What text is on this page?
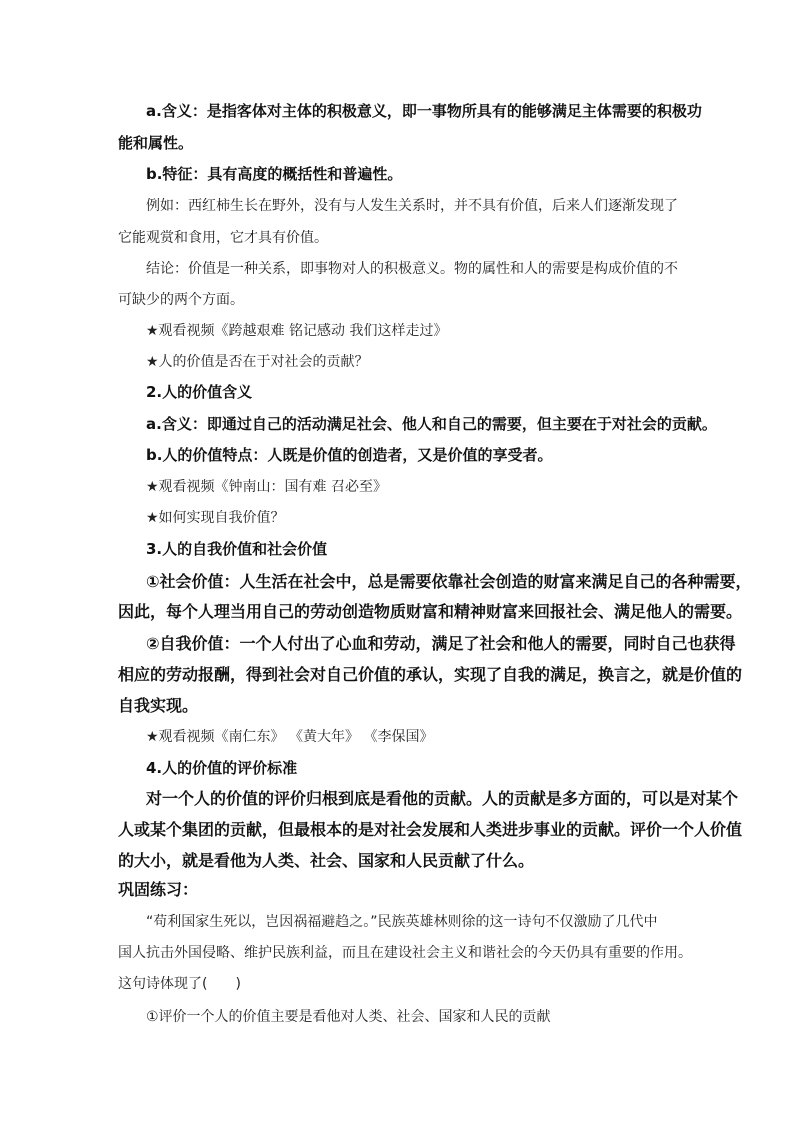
a.含义：是指客体对主体的积极意义，即一事物所具有的能够满足主体需要的积极功
能和属性。
b.特征：具有高度的概括性和普遍性。
例如：西红柿生长在野外，没有与人发生关系时，并不具有价值，后来人们逐渐发现了
它能观赏和食用，它才具有价值。
结论：价值是一种关系，即事物对人的积极意义。物的属性和人的需要是构成价值的不
可缺少的两个方面。
★观看视频《跨越艰难 铭记感动 我们这样走过》
★人的价值是否在于对社会的贡献？
2.人的价值含义
a.含义：即通过自己的活动满足社会、他人和自己的需要，但主要在于对社会的贡献。
b.人的价值特点：人既是价值的创造者，又是价值的享受者。
★观看视频《钟南山：国有难 召必至》
★如何实现自我价值？
3.人的自我价值和社会价值
①社会价值：人生活在社会中，总是需要依靠社会创造的财富来满足自己的各种需要，
因此，每个人理当用自己的劳动创造物质财富和精神财富来回报社会、满足他人的需要。
②自我价值：一个人付出了心血和劳动，满足了社会和他人的需要，同时自己也获得
相应的劳动报酬，得到社会对自己价值的承认，实现了自我的满足，换言之，就是价值的
自我实现。
★观看视频《南仁东》 《黄大年》 《李保国》
4.人的价值的评价标准
对一个人的价值的评价归根到底是看他的贡献。人的贡献是多方面的，可以是对某个
人或某个集团的贡献，但最根本的是对社会发展和人类进步事业的贡献。评价一个人价值
的大小，就是看他为人类、社会、国家和人民贡献了什么。
巩固练习：
“苟利国家生死以，岂因祸福避趋之。”民族英雄林则徐的这一诗句不仅激励了几代中
国人抗击外国侵略、维护民族利益，而且在建设社会主义和谐社会的今天仍具有重要的作用。
这句诗体现了(　　)
①评价一个人的价值主要是看他对人类、社会、国家和人民的贡献
